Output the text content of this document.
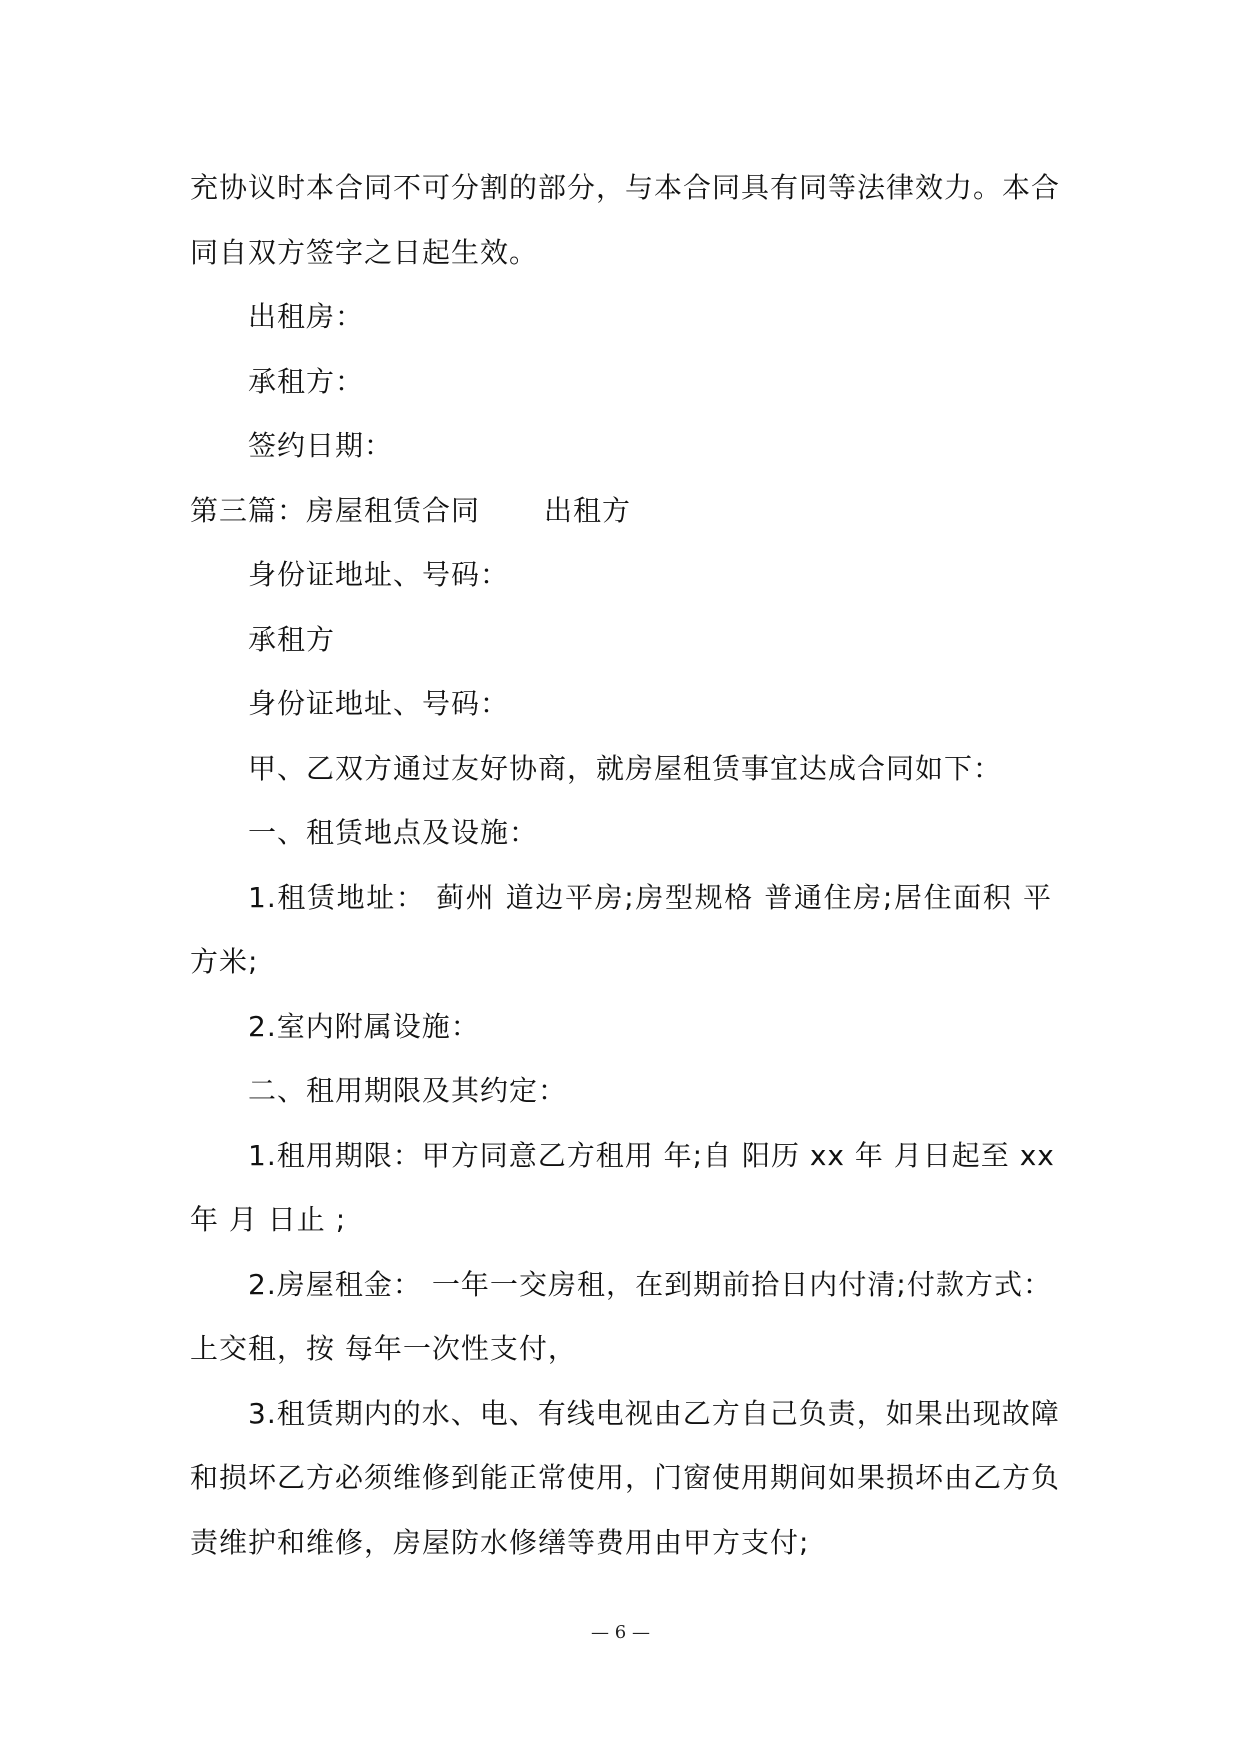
充协议时本合同不可分割的部分，与本合同具有同等法律效力。本合
同自双方签字之日起生效。
出租房：
承租方：
签约日期：
第三篇：房屋租赁合同 出租方
身份证地址、号码：
承租方
身份证地址、号码：
甲、乙双方通过友好协商，就房屋租赁事宜达成合同如下：
一、租赁地点及设施：
1.租赁地址： 蓟州 道边平房;房型规格 普通住房;居住面积 平
方米;
2.室内附属设施：
二、租用期限及其约定：
1.租用期限：甲方同意乙方租用 年;自 阳历 xx 年 月日起至 xx
年 月 日止 ;
2.房屋租金： 一年一交房租，在到期前拾日内付清;付款方式：
上交租，按 每年一次性支付，
3.租赁期内的水、电、有线电视由乙方自己负责，如果出现故障
和损坏乙方必须维修到能正常使用，门窗使用期间如果损坏由乙方负
责维护和维修，房屋防水修缮等费用由甲方支付;
— 6 —
